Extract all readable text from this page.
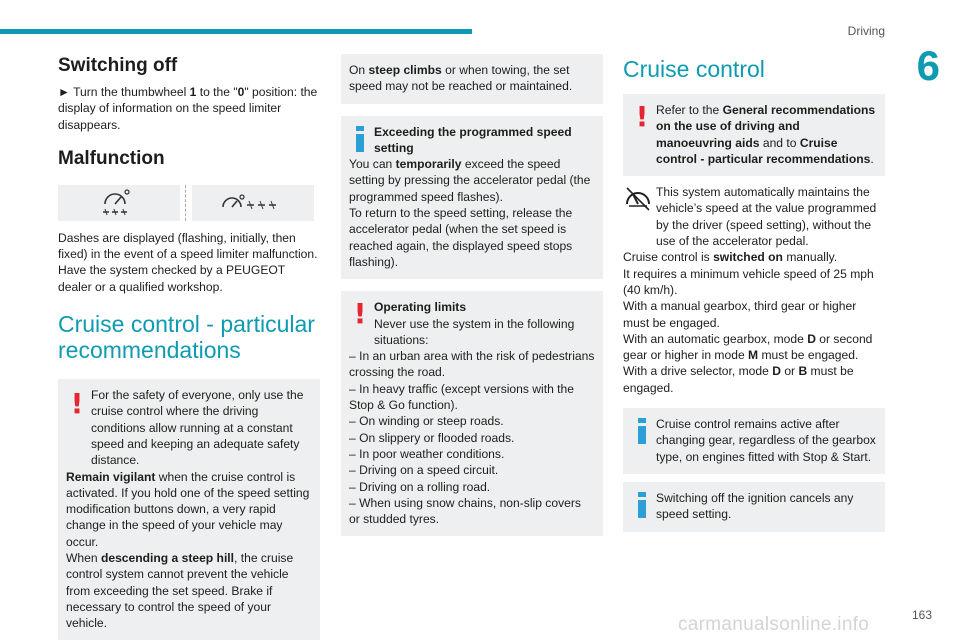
Driving
6
Switching off

► Turn the thumbwheel 1 to the "0" position: the display of information on the speed limiter disappears.

Malfunction

Dashes are displayed (flashing, initially, then fixed) in the event of a speed limiter malfunction. Have the system checked by a PEUGEOT dealer or a qualified workshop.

Cruise control - particular recommendations
! For the safety of everyone, only use the cruise control where the driving conditions allow running at a constant speed and keeping an adequate safety distance.

Remain vigilant when the cruise control is activated. If you hold one of the speed setting modification buttons down, a very rapid change in the speed of your vehicle may occur.

When descending a steep hill, the cruise control system cannot prevent the vehicle from exceeding the set speed. Brake if necessary to control the speed of your vehicle.

On steep climbs or when towing, the set speed may not be reached or maintained.

Exceeding the programmed speed setting

You can temporarily exceed the speed setting by pressing the accelerator pedal (the programmed speed flashes).

To return to the speed setting, release the accelerator pedal (when the set speed is reached again, the displayed speed stops flashing).

! Operating limits

Never use the system in the following situations:

– In an urban area with the risk of pedestrians crossing the road.

– In heavy traffic (except versions with the Stop & Go function).

– On winding or steep roads.

– On slippery or flooded roads.

– In poor weather conditions.

– Driving on a speed circuit.

– Driving on a rolling road.

– When using snow chains, non-slip covers or studded tyres.

Cruise control
! Refer to the General recommendations on the use of driving and manoeuvring aids and to Cruise control - particular recommendations.

This system automatically maintains the vehicle’s speed at the value programmed by the driver (speed setting), without the use of the accelerator pedal.

Cruise control is switched on manually.

It requires a minimum vehicle speed of 25 mph (40 km/h).

With a manual gearbox, third gear or higher must be engaged.

With an automatic gearbox, mode D or second gear or higher in mode M must be engaged.

With a drive selector, mode D or B must be engaged.

Cruise control remains active after changing gear, regardless of the gearbox type, on engines fitted with Stop & Start.

Switching off the ignition cancels any speed setting.

163
carmanualsonline.info
